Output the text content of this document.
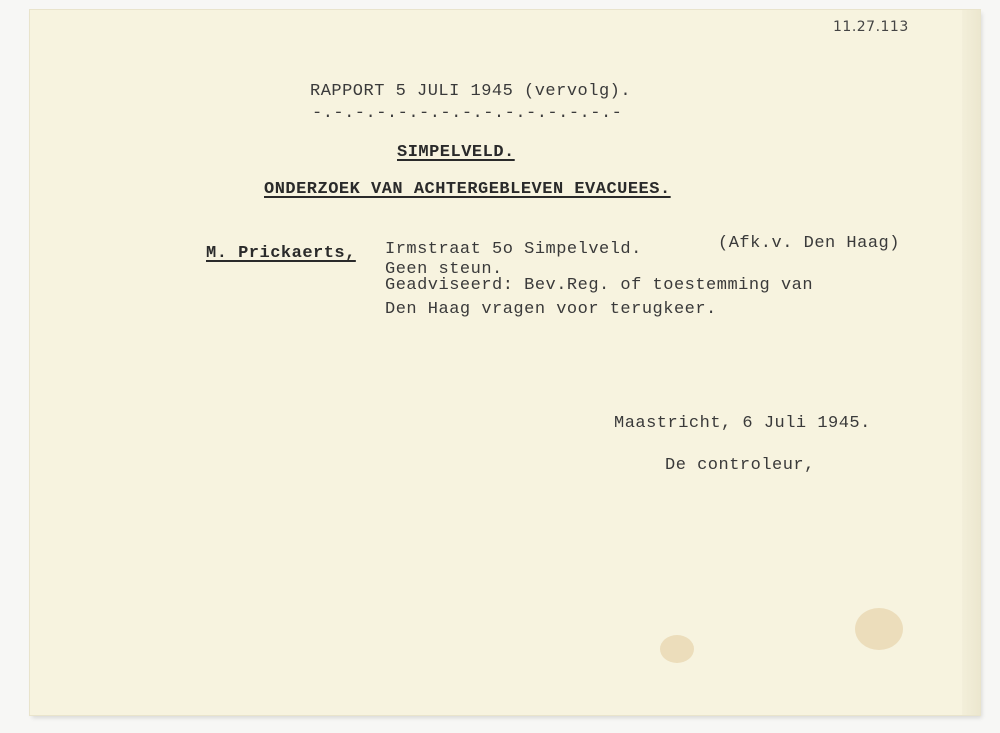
11.27.113
RAPPORT 5 JULI 1945 (vervolg).
-.-.-.-.-.-.-.-.-.-.-.-.-.-.-
SIMPELVELD.
ONDERZOEK VAN ACHTERGEBLEVEN EVACUEES.
M. Prickaerts, Irmstraat 5o Simpelveld.	(Afk.v. Den Haag)
Geen steun.
Geadviseerd: Bev.Reg. of toestemming van
Den Haag vragen voor terugkeer.
Maastricht, 6 Juli 1945.
De controleur,
